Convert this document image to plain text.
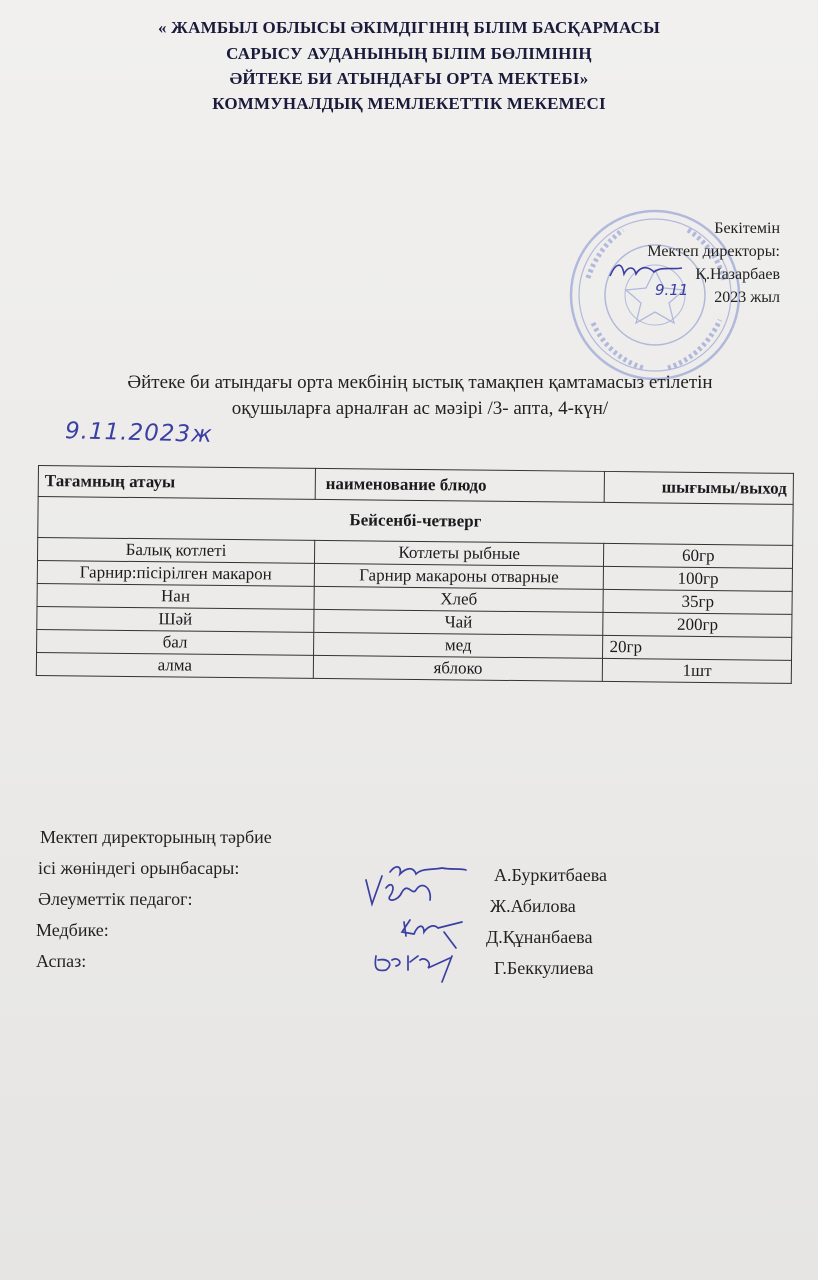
« ЖАМБЫЛ ОБЛЫСЫ ӘКІМДІГІНІҢ БІЛІМ БАСҚАРМАСЫ
САРЫСУ АУДАНЫНЫҢ БІЛІМ БӨЛІМІНІҢ
ӘЙТЕКЕ БИ АТЫНДАҒЫ ОРТА МЕКТЕБІ»
КОММУНАЛДЫҚ МЕМЛЕКЕТТІК МЕКЕМЕСІ
Бекітемін
Мектеп директоры:
Қ.Назарбаев
2023 жыл
9.11
Әйтеке би атындағы орта мекбінің ыстық тамақпен қамтамасыз етілетін
оқушыларға арналған ас мәзірі /3- апта, 4-күн/
9.11.2023ж
Тағамның атауы	наименование блюдо	шығымы/выход
Бейсенбі-четверг		
Балық котлеті	Котлеты рыбные	60гр
Гарнир:пісірілген макарон	Гарнир макароны отварные	100гр
Нан	Хлеб	35гр
Шәй	Чай	200гр
бал	мед	20гр
алма	яблоко	1шт
Мектеп директорының тәрбие
ісі жөніндегі орынбасары:	А.Буркитбаева
Әлеуметтік педагог:	Ж.Абилова
Медбике:	Д.Құнанбаева
Аспаз:	Г.Беккулиева
